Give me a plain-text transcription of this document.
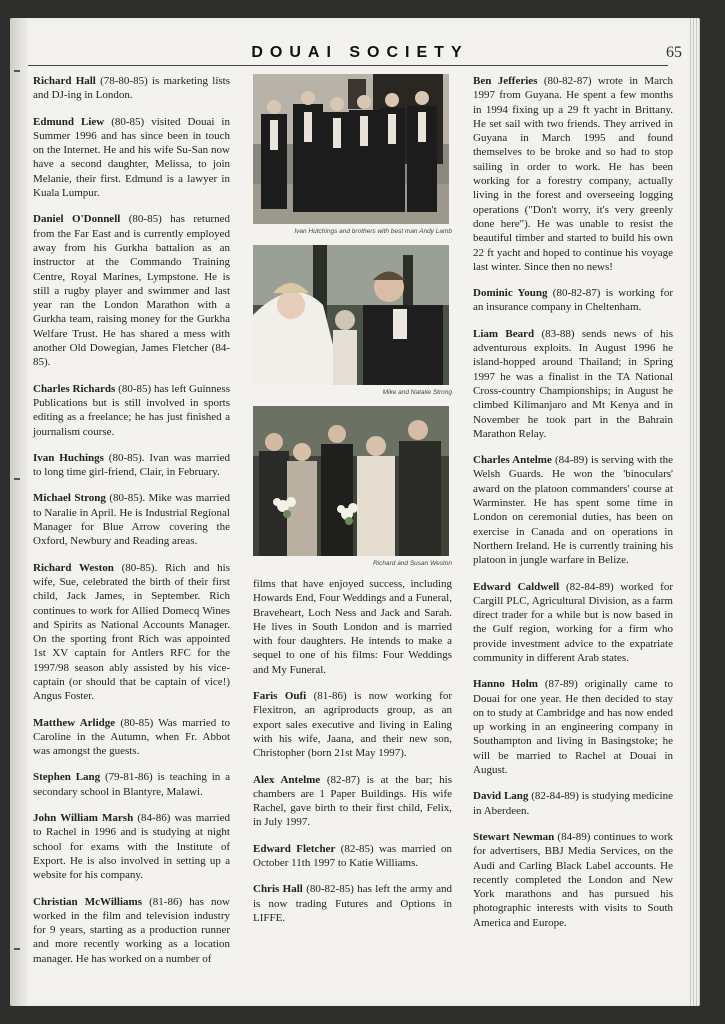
DOUAI SOCIETY	65

Richard Hall (78-80-85) is marketing lists and DJ-ing in London.

Edmund Liew (80-85) visited Douai in Summer 1996 and has since been in touch on the Internet. He and his wife Su-San now have a second daughter, Melissa, to join Melanie, their first. Edmund is a lawyer in Kuala Lumpur.

Daniel O'Donnell (80-85) has returned from the Far East and is currently employed away from his Gurkha battalion as an instructor at the Commando Training Centre, Royal Marines, Lympstone. He is still a rugby player and swimmer and last year ran the London Marathon with a Gurkha team, raising money for the Gurkha Welfare Trust. He has shared a mess with another Old Dowegian, James Fletcher (84-85).

Charles Richards (80-85) has left Guinness Publications but is still involved in sports editing as a freelance; he has just finished a journalism course.

Ivan Huchings (80-85). Ivan was married to long time girl-friend, Clair, in February.

Michael Strong (80-85). Mike was married to Naralie in April. He is Industrial Regional Manager for Blue Arrow covering the Oxford, Newbury and Reading areas.

Richard Weston (80-85). Rich and his wife, Sue, celebrated the birth of their first child, Jack James, in September. Rich continues to work for Allied Domecq Wines and Spirits as National Accounts Manager. On the sporting front Rich was appointed 1st XV captain for Antlers RFC for the 1997/98 season ably assisted by his vice-captain (or should that be captain of vice!) Angus Foster.

Matthew Arlidge (80-85) Was married to Caroline in the Autumn, when Fr. Abbot was amongst the guests.

Stephen Lang (79-81-86) is teaching in a secondary school in Blantyre, Malawi.

John William Marsh (84-86) was married to Rachel in 1996 and is studying at night school for exams with the Institute of Export. He is also involved in setting up a website for his company.

Christian McWilliams (81-86) has now worked in the film and television industry for 9 years, starting as a production runner and more recently working as a location manager. He has worked on a number of

Ivan Hutchings and brothers with best man Andy Lamb
Mike and Natalie Strong
Richard and Susan Weston

films that have enjoyed success, including Howards End, Four Weddings and a Funeral, Braveheart, Loch Ness and Jack and Sarah. He lives in South London and is married with four daughters. He intends to make a sequel to one of his films: Four Weddings and My Funeral.

Faris Oufi (81-86) is now working for Flexitron, an agriproducts group, as an export sales executive and living in Ealing with his wife, Jaana, and their new son, Christopher (born 21st May 1997).

Alex Antelme (82-87) is at the bar; his chambers are 1 Paper Buildings. His wife Rachel, gave birth to their first child, Felix, in July 1997.

Edward Fletcher (82-85) was married on October 11th 1997 to Katie Williams.

Chris Hall (80-82-85) has left the army and is now trading Futures and Options in LIFFE.

Ben Jefferies (80-82-87) wrote in March 1997 from Guyana. He spent a few months in 1994 fixing up a 29 ft yacht in Brittany. He set sail with two friends. They arrived in Guyana in March 1995 and found themselves to be broke and so had to stop sailing in order to work. He has been working for a forestry company, actually living in the forest and overseeing logging operations ("Don't worry, it's very greenly done here"). He was unable to resist the beautiful timber and started to build his own 22 ft yacht and hoped to continue his voyage last winter. Since then no news!

Dominic Young (80-82-87) is working for an insurance company in Cheltenham.

Liam Beard (83-88) sends news of his adventurous exploits. In August 1996 he island-hopped around Thailand; in Spring 1997 he was a finalist in the TA National Cross-country Championships; in August he climbed Kilimanjaro and Mt Kenya and in November he took part in the Bahrain Marathon Relay.

Charles Antelme (84-89) is serving with the Welsh Guards. He won the 'binoculars' award on the platoon commanders' course at Warminster. He has spent some time in London on ceremonial duties, has been on exercise in Canada and on operations in Northern Ireland. He is currently training his platoon in jungle warfare in Belize.

Edward Caldwell (82-84-89) worked for Cargill PLC, Agricultural Division, as a farm direct trader for a while but is now based in the Gulf region, working for a firm who provide investment advice to the expatriate community in different Arab states.

Hanno Holm (87-89) originally came to Douai for one year. He then decided to stay on to study at Cambridge and has now ended up working in an engineering company in Southampton and living in Basingstoke; he will be married to Rachel at Douai in August.

David Lang (82-84-89) is studying medicine in Aberdeen.

Stewart Newman (84-89) continues to work for advertisers, BBJ Media Services, on the Audi and Carling Black Label accounts. He recently completed the London and New York marathons and has pursued his photographic interests with visits to South America and Europe.
